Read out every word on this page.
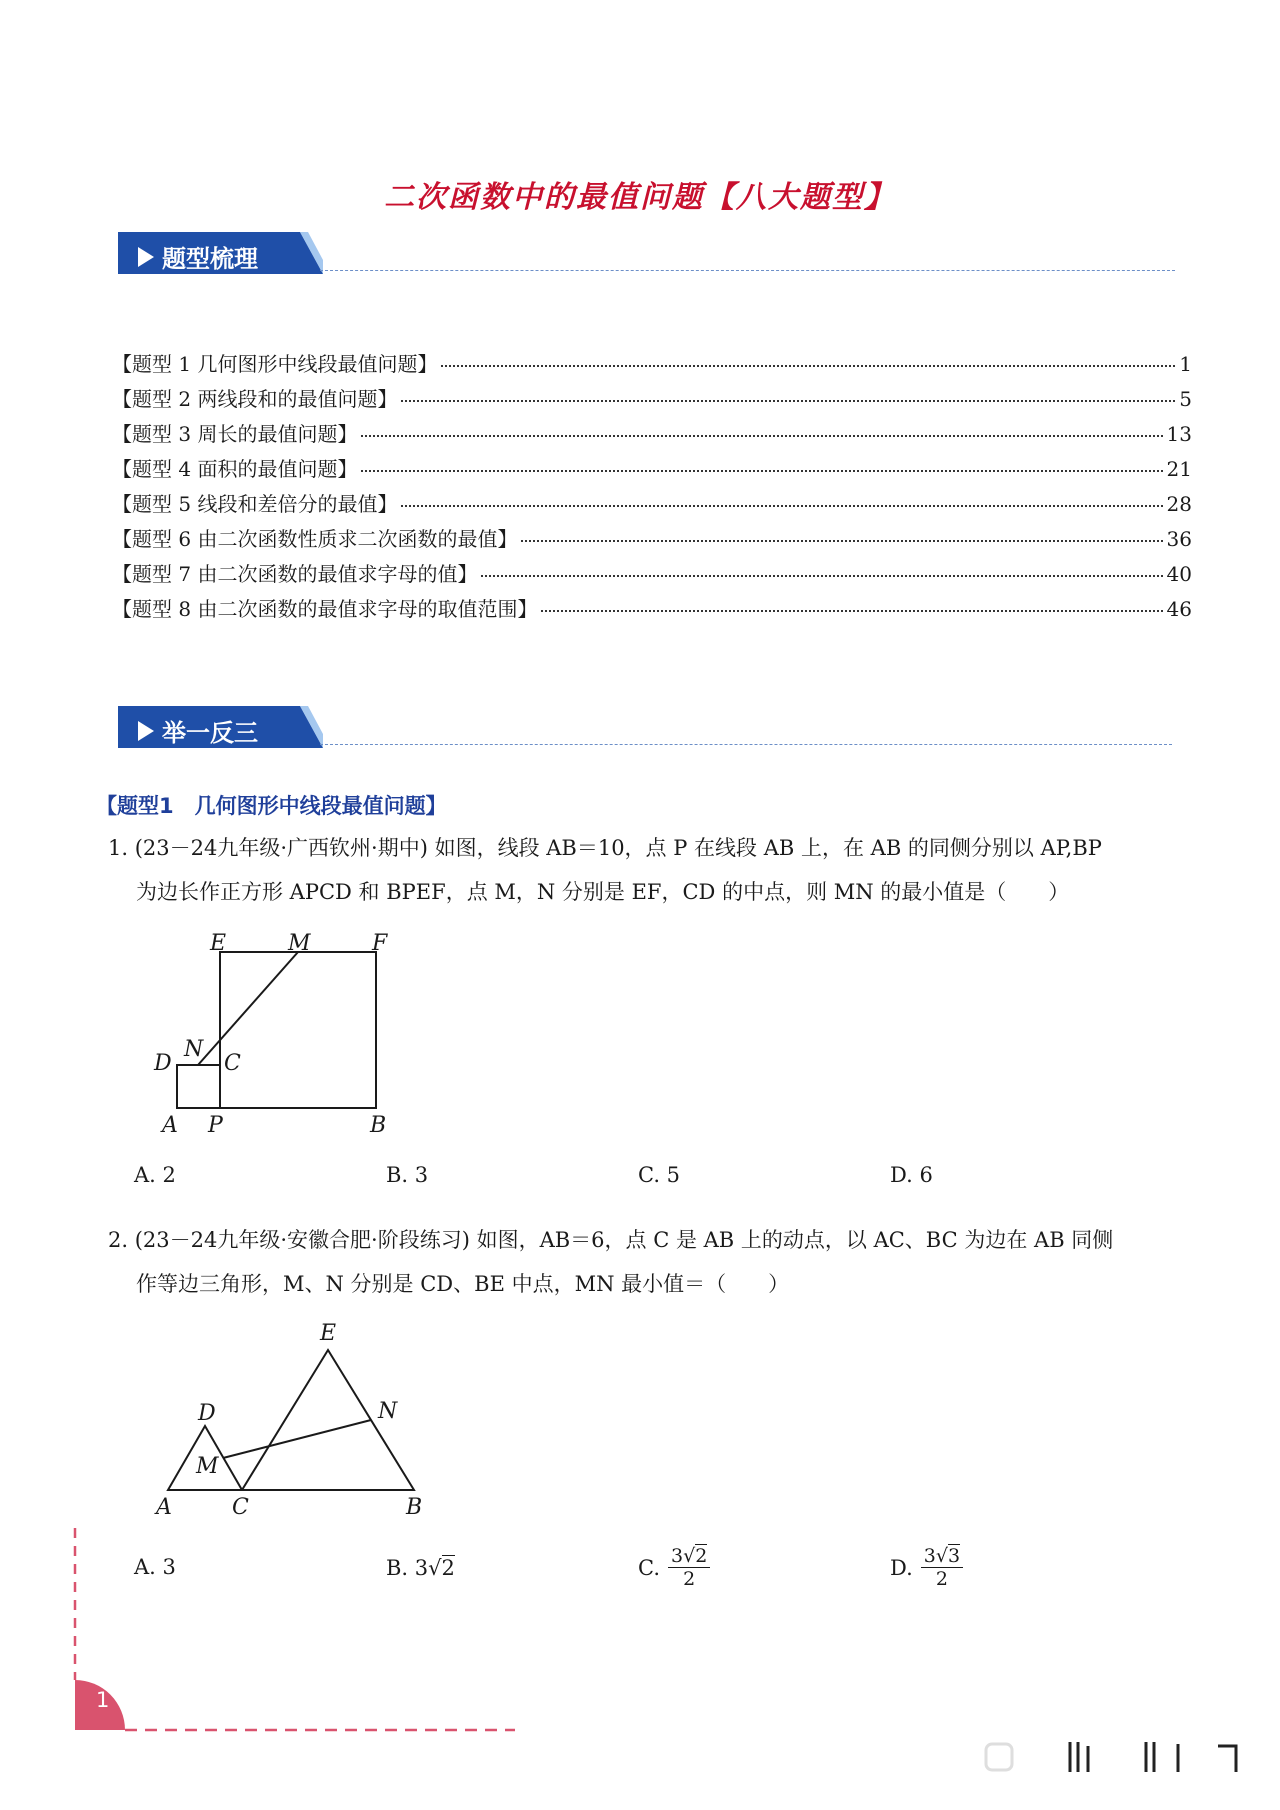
二次函数中的最值问题【八大题型】
题型梳理
【题型 1 几何图形中线段最值问题】	1
【题型 2 两线段和的最值问题】	5
【题型 3 周长的最值问题】	13
【题型 4 面积的最值问题】	21
【题型 5 线段和差倍分的最值】	28
【题型 6 由二次函数性质求二次函数的最值】	36
【题型 7 由二次函数的最值求字母的值】	40
【题型 8 由二次函数的最值求字母的取值范围】	46
举一反三
【题型1　几何图形中线段最值问题】
1. (23－24九年级·广西钦州·期中) 如图，线段 AB＝10，点 P 在线段 AB 上，在 AB 的同侧分别以 AP,BP
为边长作正方形 APCD 和 BPEF，点 M，N 分别是 EF，CD 的中点，则 MN 的最小值是（　　）
E	M	F
D
N
C
A P	B
A. 2	B. 3	C. 5	D. 6
2. (23－24九年级·安徽合肥·阶段练习) 如图，AB＝6，点 C 是 AB 上的动点，以 AC、BC 为边在 AB 同侧
作等边三角形，M、N 分别是 CD、BE 中点，MN 最小值＝（　　）
E
D	N
M
A	C	B
A. 3	B. 3 √ 2	C. $\frac{3√2}{2}$	D. $\frac{3√3}{2}$
1
